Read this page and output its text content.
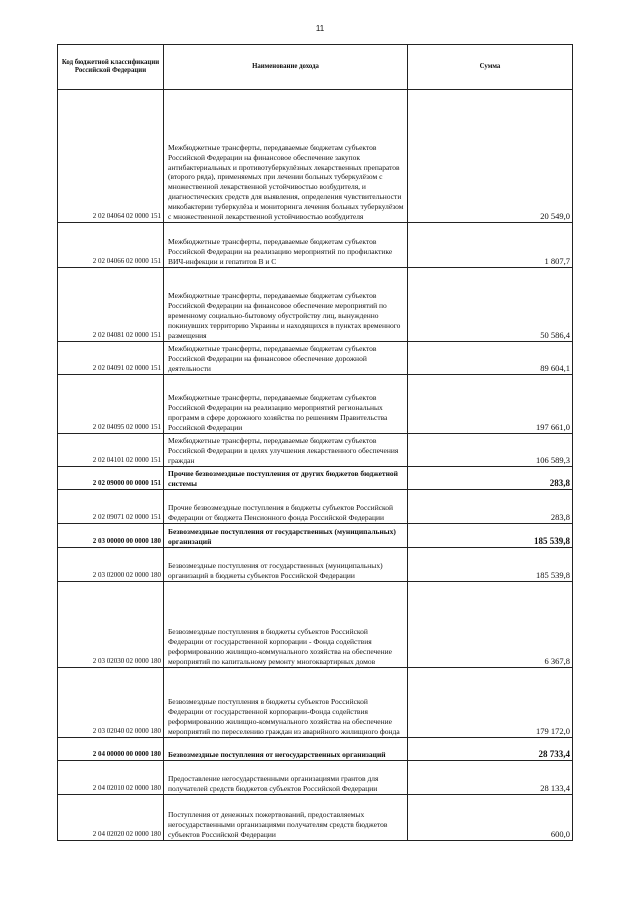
11
Код бюджетной классификации Российской Федерации	Наименование дохода	Сумма
2 02 04064 02 0000 151	Межбюджетные трансферты, передаваемые бюджетам субъектов Российской Федерации на финансовое обеспечение закупок антибактериальных и противотуберкулёзных лекарственных препаратов (второго ряда), применяемых при лечении больных туберкулёзом с множественной лекарственной устойчивостью возбудителя, и диагностических средств для выявления, определения чувствительности микобактерии туберкулёза и мониторинга лечения больных туберкулёзом с множественной лекарственной устойчивостью возбудителя	20 549,0
2 02 04066 02 0000 151	Межбюджетные трансферты, передаваемые бюджетам субъектов Российской Федерации на реализацию мероприятий по профилактике ВИЧ-инфекции и гепатитов В и С	1 807,7
2 02 04081 02 0000 151	Межбюджетные трансферты, передаваемые бюджетам субъектов Российской Федерации на финансовое обеспечение мероприятий по временному социально-бытовому обустройству лиц, вынужденно покинувших территорию Украины и находящихся в пунктах временного размещения	50 586,4
2 02 04091 02 0000 151	Межбюджетные трансферты, передаваемые бюджетам субъектов Российской Федерации на финансовое обеспечение дорожной деятельности	89 604,1
2 02 04095 02 0000 151	Межбюджетные трансферты, передаваемые бюджетам субъектов Российской Федерации на реализацию мероприятий региональных программ в сфере дорожного хозяйства по решениям Правительства Российской Федерации	197 661,0
2 02 04101 02 0000 151	Межбюджетные трансферты, передаваемые бюджетам субъектов Российской Федерации в целях улучшения лекарственного обеспечения граждан	106 589,3
2 02 09000 00 0000 151	Прочие безвозмездные поступления от других бюджетов бюджетной системы	283,8
2 02 09071 02 0000 151	Прочие безвозмездные поступления в бюджеты субъектов Российской Федерации от бюджета Пенсионного фонда Российской Федерации	283,8
2 03 00000 00 0000 180	Безвозмездные поступления от государственных (муниципальных) организаций	185 539,8
2 03 02000 02 0000 180	Безвозмездные поступления от государственных (муниципальных) организаций в бюджеты субъектов Российской Федерации	185 539,8
2 03 02030 02 0000 180	Безвозмездные поступления в бюджеты субъектов Российской Федерации от государственной корпорации - Фонда содействия реформированию жилищно-коммунального хозяйства на обеспечение мероприятий по капитальному ремонту многоквартирных домов	6 367,8
2 03 02040 02 0000 180	Безвозмездные поступления в бюджеты субъектов Российской Федерации от государственной корпорации-Фонда содействия реформированию жилищно-коммунального хозяйства на обеспечение мероприятий по переселению граждан из аварийного жилищного фонда	179 172,0
2 04 00000 00 0000 180	Безвозмездные поступления от негосударственных организаций	28 733,4
2 04 02010 02 0000 180	Предоставление негосударственными организациями грантов для получателей средств бюджетов субъектов Российской Федерации	28 133,4
2 04 02020 02 0000 180	Поступления от денежных пожертвований, предоставляемых негосударственными организациями получателям средств бюджетов субъектов Российской Федерации	600,0
